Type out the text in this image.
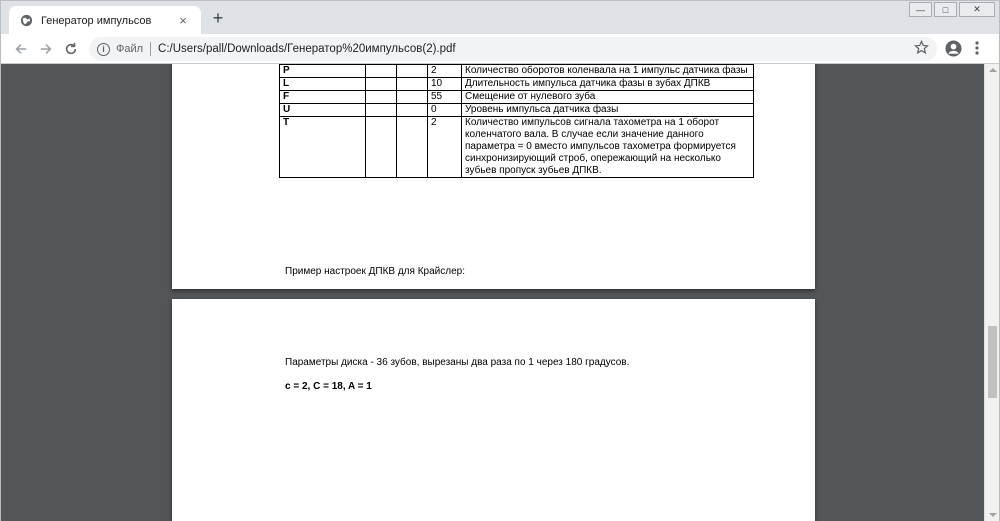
Генератор импульсов	× +	— □	✕
i	Файл C:/Users/pall/Downloads/Генератор%20импульсов(2).pdf
P			2	Количество оборотов коленвала на 1 импульс датчика фазы
L			10	Длительность импульса датчика фазы в зубах ДПКВ
F			55	Смещение от нулевого зуба
U			0	Уровень импульса датчика фазы
T			2	Количество импульсов сигнала тахометра на 1 оборот коленчатого вала. В случае если значение данного параметра = 0 вместо импульсов тахометра формируется синхронизирующий строб, опережающий на несколько зубьев пропуск зубьев ДПКВ.
Пример настроек ДПКВ для Крайслер:
Параметры диска - 36 зубов, вырезаны два раза по 1 через 180 градусов.
c = 2, C = 18, A = 1
